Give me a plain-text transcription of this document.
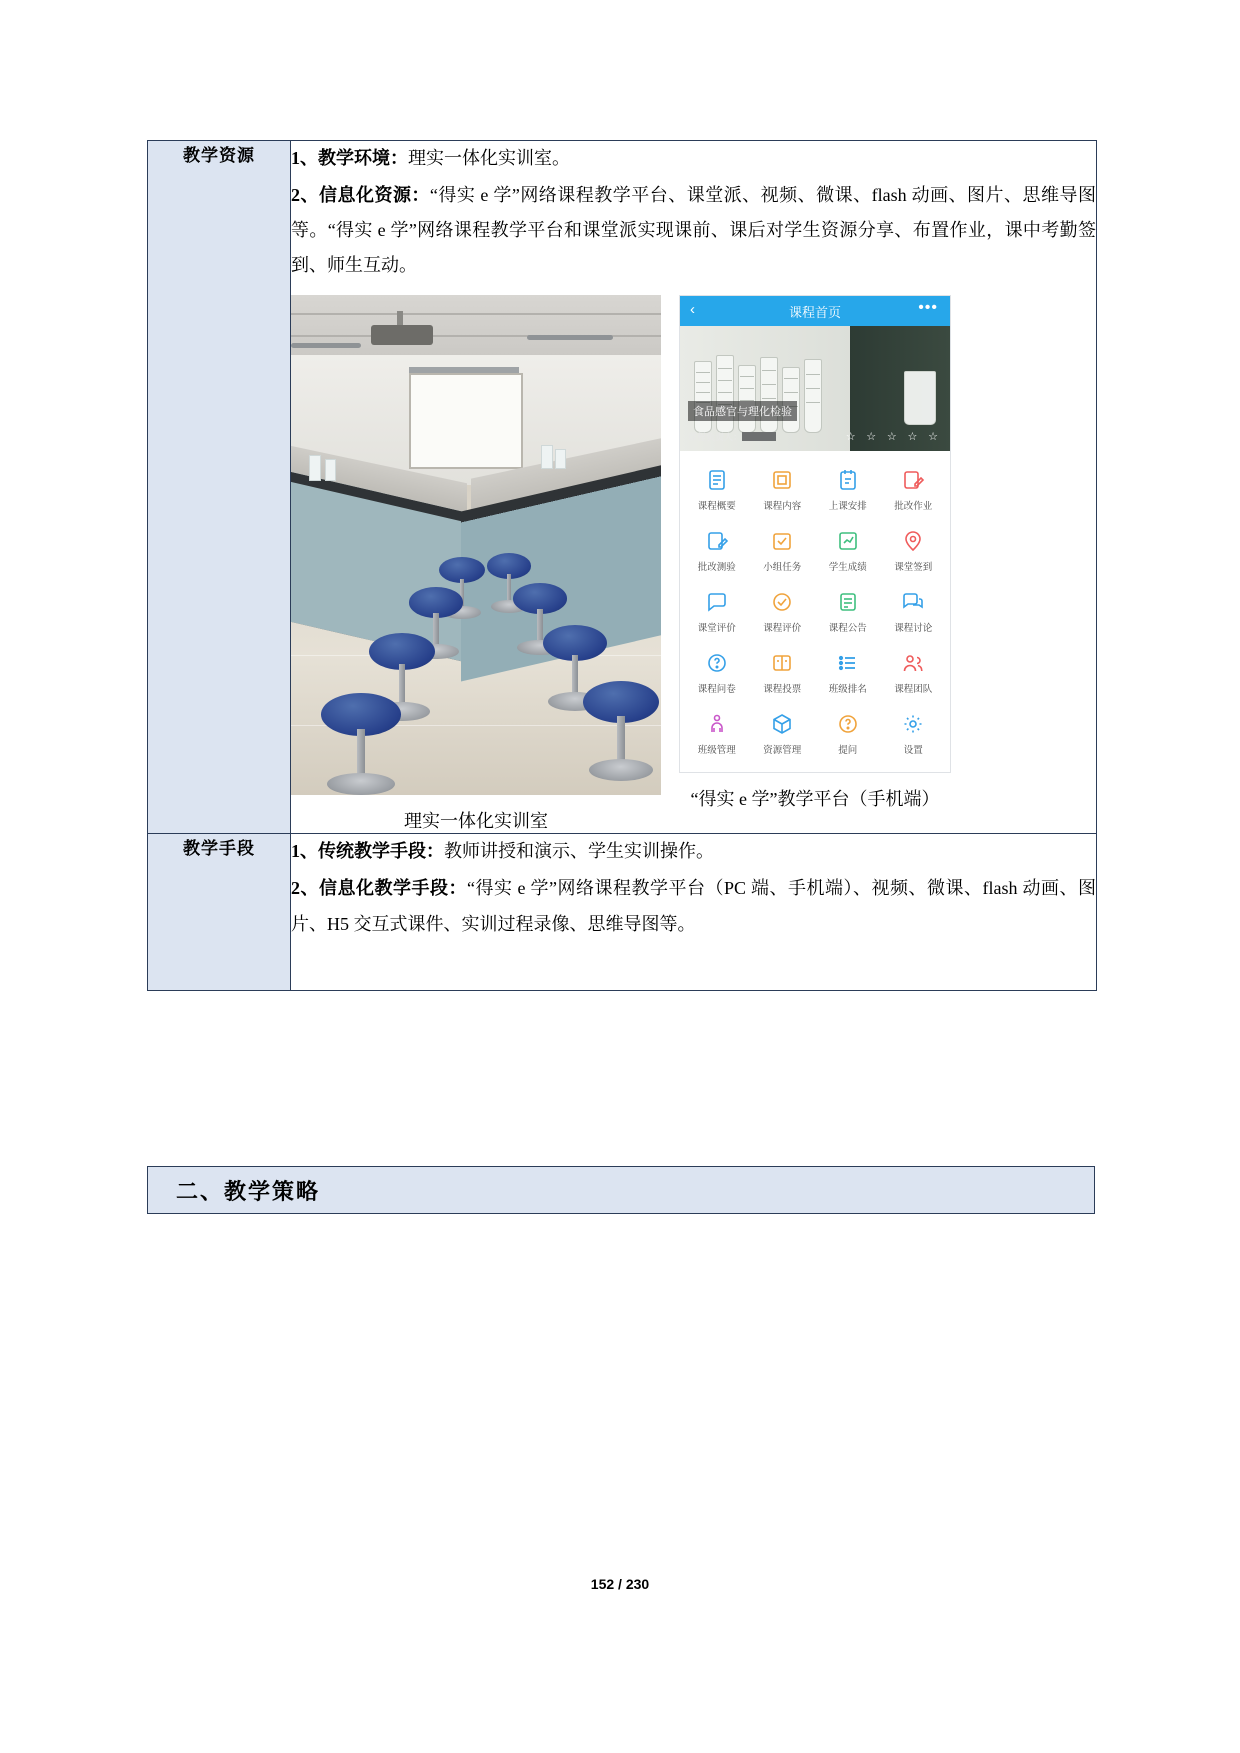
教学资源	1、教学环境：理实一体化实训室。

2、信息化资源：“得实 e 学”网络课程教学平台、课堂派、视频、微课、flash 动画、图片、思维导图等。“得实 e 学”网络课程教学平台和课堂派实现课前、课后对学生资源分享、布置作业，课中考勤签到、师生互动。

理实一体化实训室
‹	课程首页	•••
食品感官与理化检验
课程负责人：	☆ ☆ ☆ ☆ ☆
课程概要	课程内容	上课安排	批改作业
批改测验	小组任务	学生成绩	课堂签到
课堂评价	课程评价	课程公告	课程讨论
课程问卷	课程投票	班级排名	课程团队
班级管理	资源管理	提问	设置
“得实 e 学”教学平台（手机端）

教学手段	1、传统教学手段：教师讲授和演示、学生实训操作。

2、信息化教学手段：“得实 e 学”网络课程教学平台（PC 端、手机端）、视频、微课、flash 动画、图片、H5 交互式课件、实训过程录像、思维导图等。

二、教学策略
152 / 230
